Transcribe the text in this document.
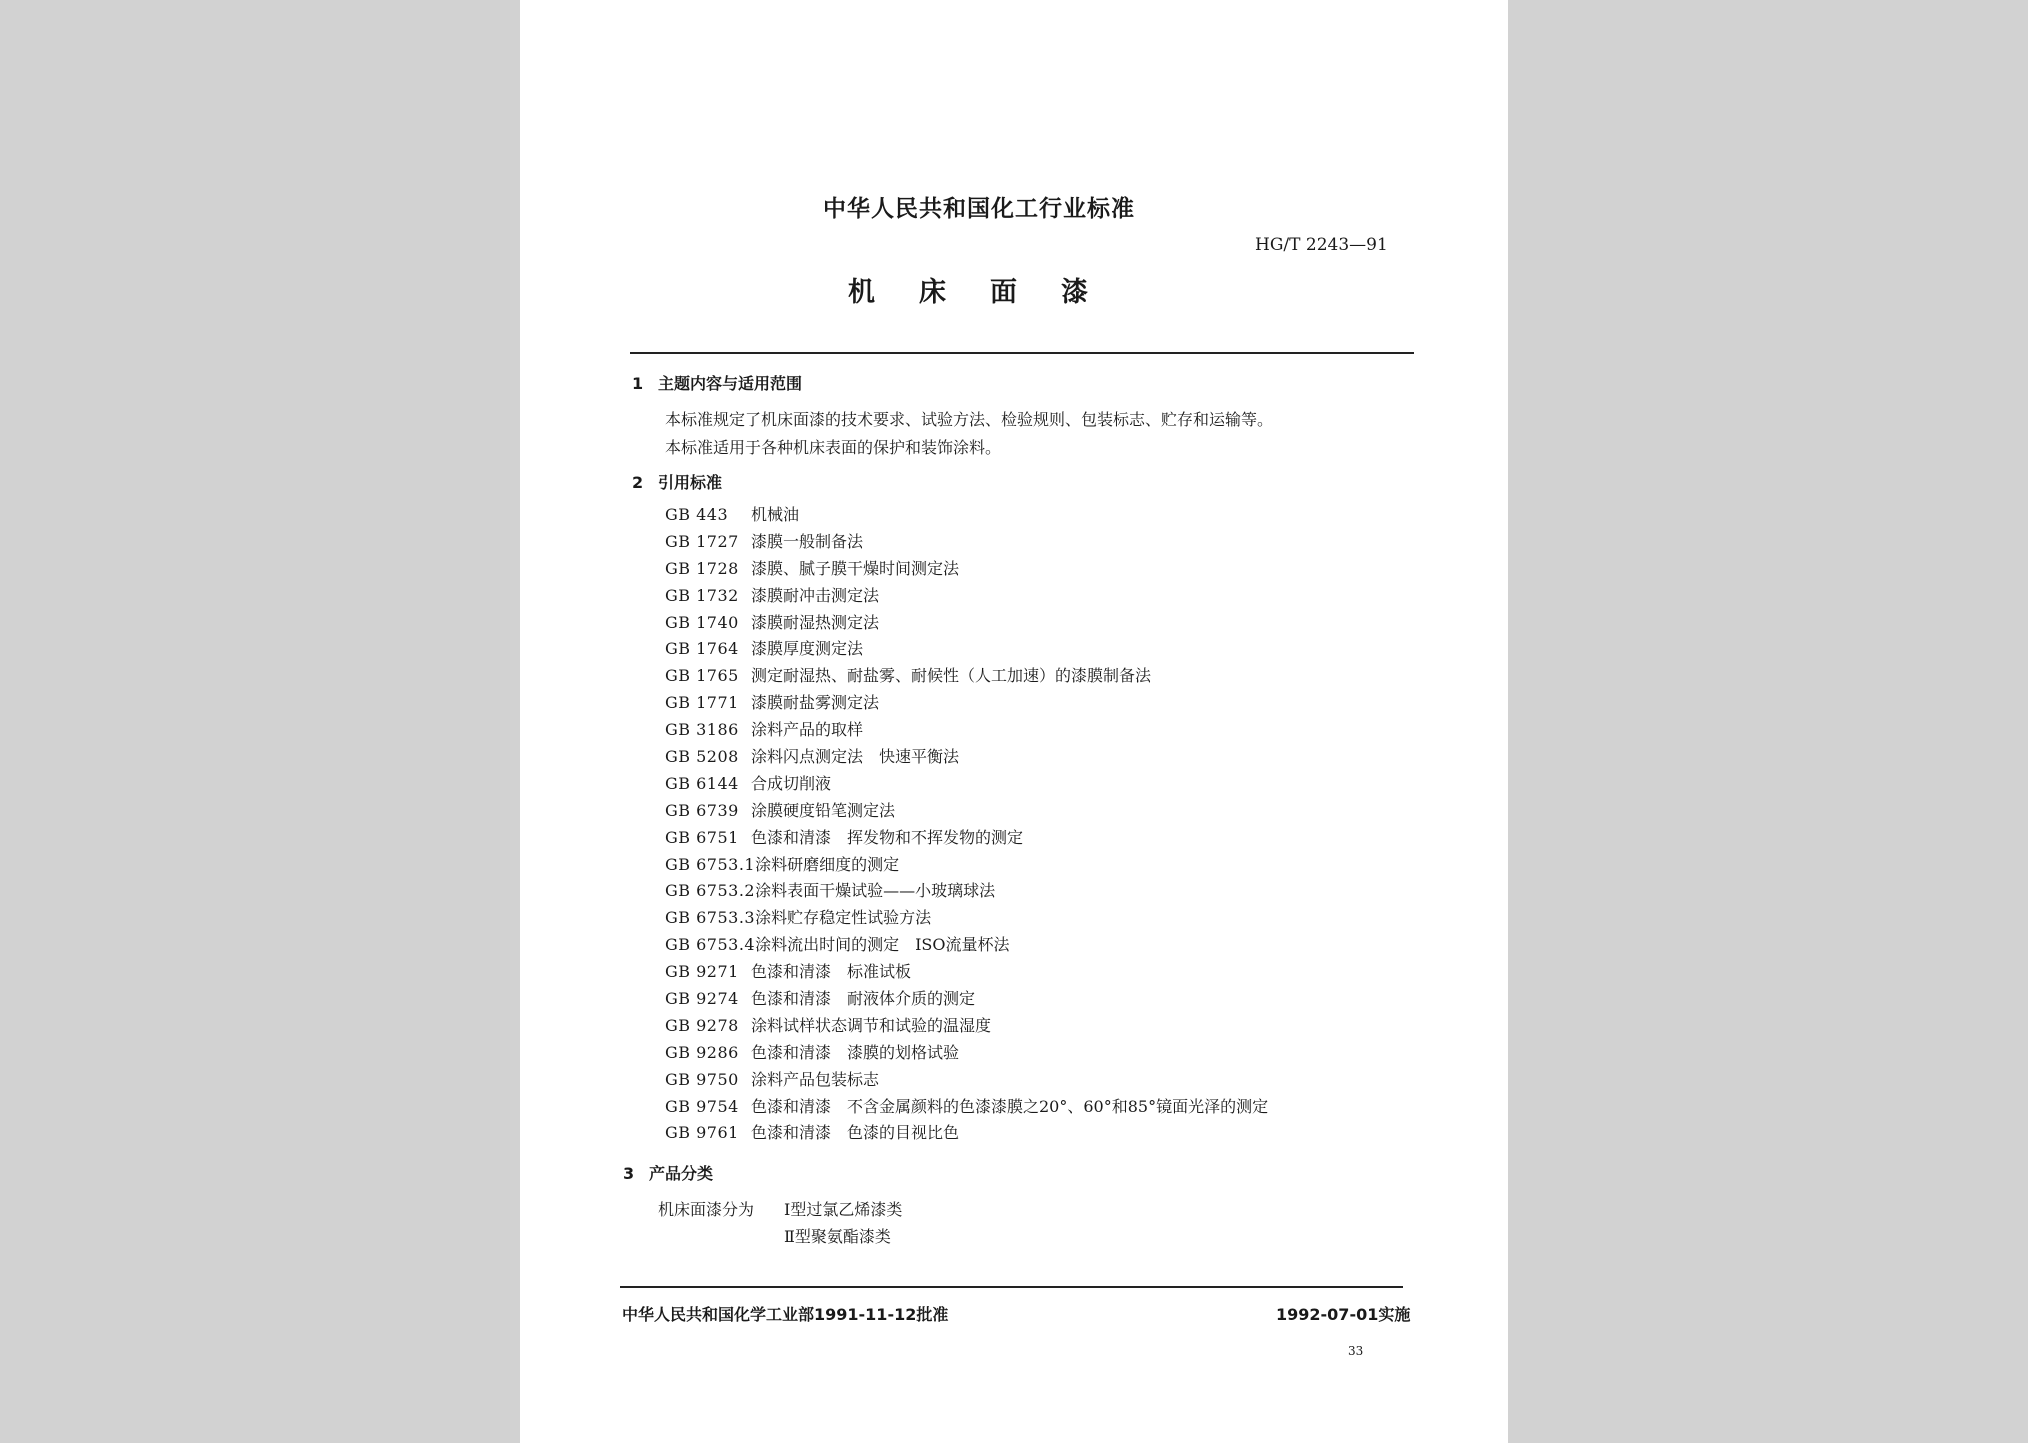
中华人民共和国化工行业标准
HG/T 2243—91
机床面漆
1 主题内容与适用范围
本标准规定了机床面漆的技术要求、试验方法、检验规则、包装标志、贮存和运输等。
本标准适用于各种机床表面的保护和装饰涂料。
2 引用标准
GB 443 机械油
GB 1727 漆膜一般制备法
GB 1728 漆膜、腻子膜干燥时间测定法
GB 1732 漆膜耐冲击测定法
GB 1740 漆膜耐湿热测定法
GB 1764 漆膜厚度测定法
GB 1765 测定耐湿热、耐盐雾、耐候性（人工加速）的漆膜制备法
GB 1771 漆膜耐盐雾测定法
GB 3186 涂料产品的取样
GB 5208 涂料闪点测定法　快速平衡法
GB 6144 合成切削液
GB 6739 涂膜硬度铅笔测定法
GB 6751 色漆和清漆　挥发物和不挥发物的测定
GB 6753.1涂料研磨细度的测定
GB 6753.2涂料表面干燥试验——小玻璃球法
GB 6753.3涂料贮存稳定性试验方法
GB 6753.4涂料流出时间的测定　ISO流量杯法
GB 9271 色漆和清漆　标准试板
GB 9274 色漆和清漆　耐液体介质的测定
GB 9278 涂料试样状态调节和试验的温湿度
GB 9286 色漆和清漆　漆膜的划格试验
GB 9750 涂料产品包装标志
GB 9754 色漆和清漆　不含金属颜料的色漆漆膜之20°、60°和85°镜面光泽的测定
GB 9761 色漆和清漆　色漆的目视比色
3 产品分类
机床面漆分为 Ⅰ型过氯乙烯漆类
Ⅱ型聚氨酯漆类
中华人民共和国化学工业部1991-11-12批准	1992-07-01实施
33
